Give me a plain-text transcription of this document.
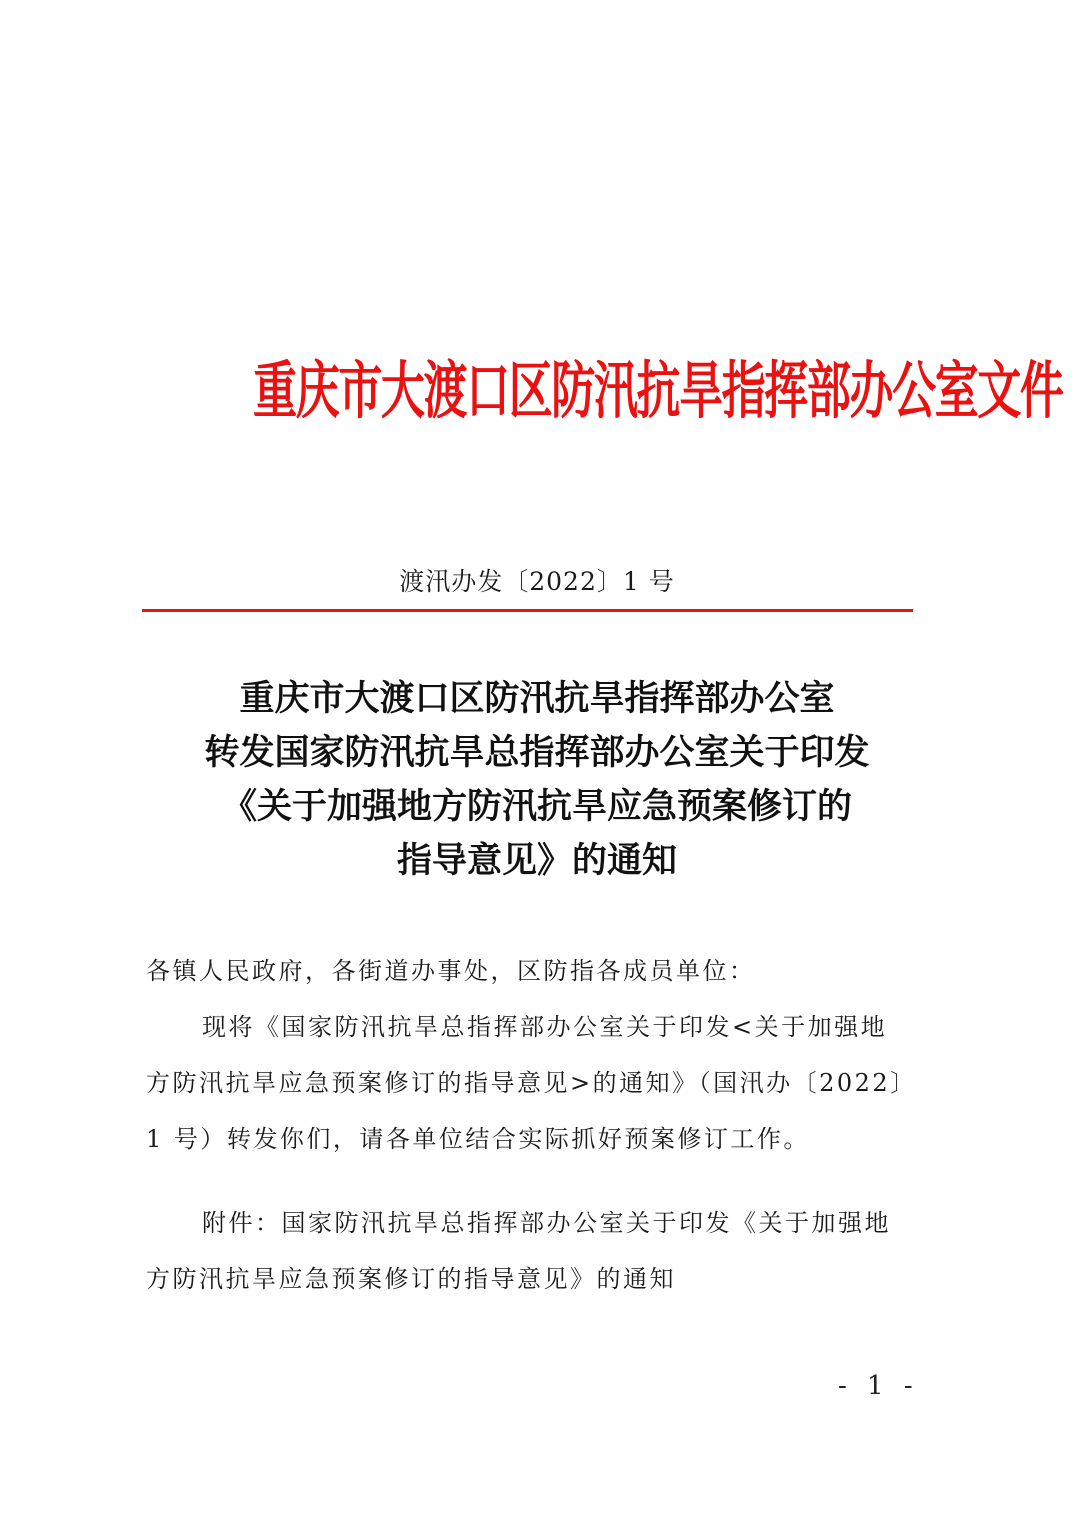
重庆市大渡口区防汛抗旱指挥部办公室文件
渡汛办发〔2022〕1 号
重庆市大渡口区防汛抗旱指挥部办公室
转发国家防汛抗旱总指挥部办公室关于印发
《关于加强地方防汛抗旱应急预案修订的
指导意见》的通知
各镇人民政府，各街道办事处，区防指各成员单位：
现将《国家防汛抗旱总指挥部办公室关于印发<关于加强地
方防汛抗旱应急预案修订的指导意见>的通知》（国汛办〔2022〕
1 号）转发你们，请各单位结合实际抓好预案修订工作。
附件：国家防汛抗旱总指挥部办公室关于印发《关于加强地
方防汛抗旱应急预案修订的指导意见》的通知
- 1 -
